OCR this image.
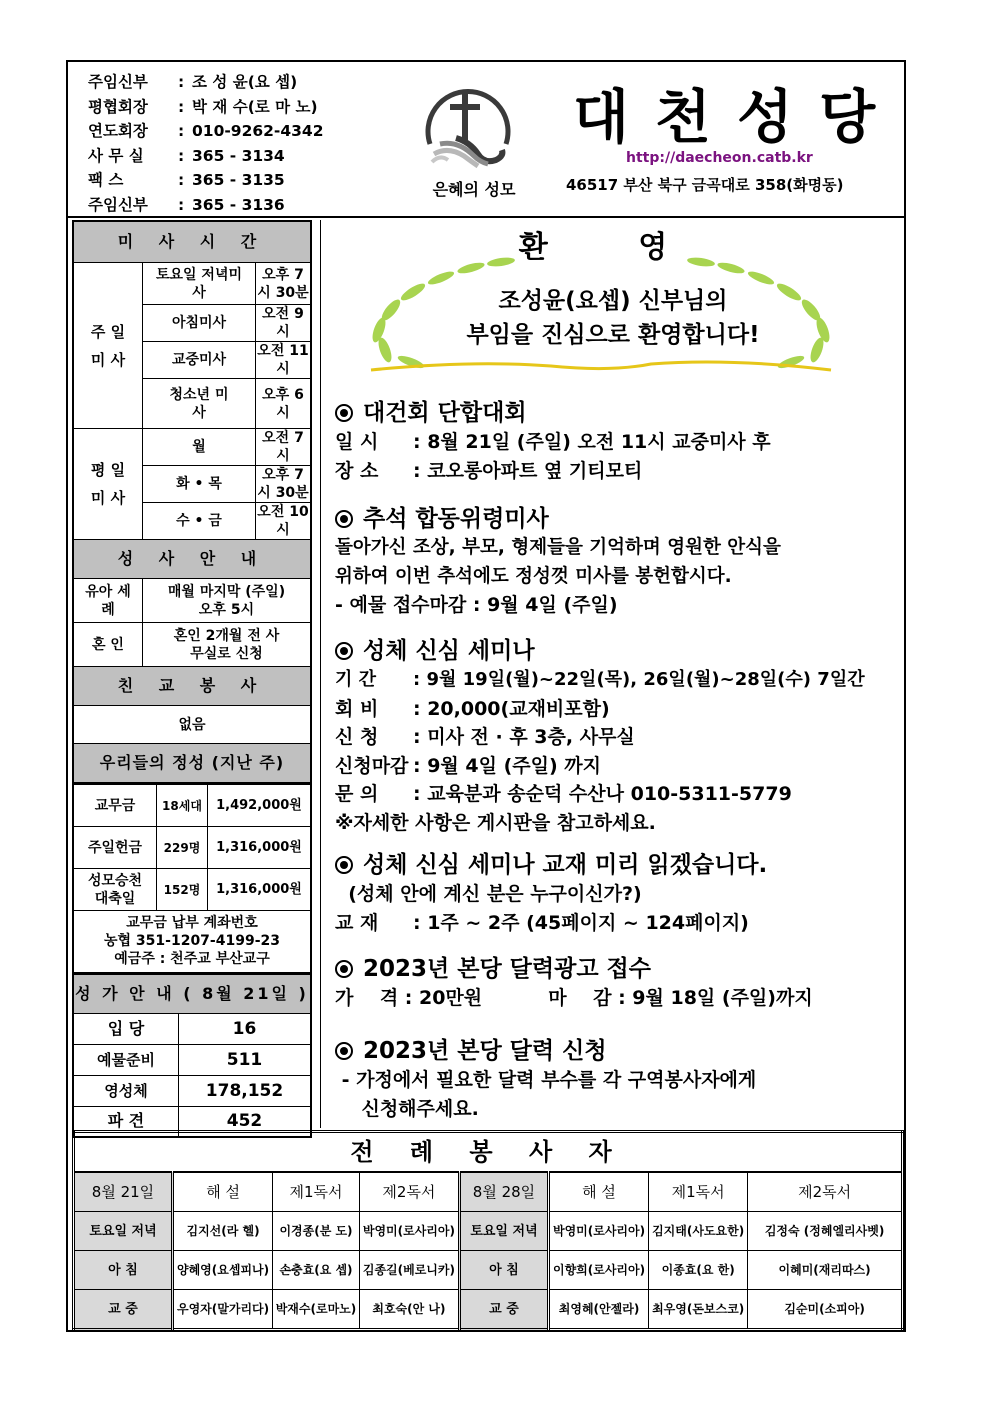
주임신부	: 조 성 윤(요 셉)
평협회장	: 박 재 수(로 마 노)
연도회장	: 010-9262-4342
사 무 실	: 365 - 3134
팩 스	: 365 - 3135
주임신부	: 365 - 3136
은혜의 성모
대천성당
http://daecheon.catb.kr
46517 부산 북구 금곡대로 358(화명동)
미 사 시 간		
주 일 미 사	토요일 저녁미사	오후 7시 30분
	아침미사	오전 9시
	교중미사	오전 11시
	청소년 미사	오후 6시
평 일 미 사	월	오전 7시
	화 • 목	오후 7시 30분
	수 • 금	오전 10시
성 사 안 내		
유아 세례	매월 마지막 (주일) 오후 5시	
혼 인	혼인 2개월 전 사무실로 신청	
친 교 봉 사		
없음		
우리들의 정성 (지난 주)		
교무금	18세대	1,492,000원
주일헌금	229명	1,316,000원
성모승천 대축일	152명	1,316,000원

교무금 납부 계좌번호
농협 351-1207-4199-23
예금주 : 천주교 부산교구		
성 가 안 내 ( 8월 21일 )	
입 당	16
예물준비	511
영성체	178,152
파 견	452
환 영
조성윤(요셉) 신부님의
부임을 진심으로 환영합니다!
대건회 단합대회

일 시 : 8월 21일 (주일) 오전 11시 교중미사 후

장 소 : 코오롱아파트 옆 기티모티

추석 합동위령미사

돌아가신 조상, 부모, 형제들을 기억하며 영원한 안식을

위하여 이번 추석에도 정성껏 미사를 봉헌합시다.

- 예물 접수마감 : 9월 4일 (주일)

성체 신심 세미나

기 간 : 9월 19일(월)~22일(목), 26일(월)~28일(수) 7일간

회 비 : 20,000(교재비포함)

신 청 : 미사 전 · 후 3층, 사무실

신청마감 : 9월 4일 (주일) 까지

문 의 : 교육분과 송순덕 수산나 010-5311-5779

※자세한 사항은 게시판을 참고하세요.

성체 신심 세미나 교재 미리 읽겠습니다.

(성체 안에 계신 분은 누구이신가?)

교 재 : 1주 ~ 2주 (45페이지 ~ 124페이지)

2023년 본당 달력광고 접수

가    격 : 20만원          마    감 : 9월 18일 (주일)까지

2023년 본당 달력 신청

- 가정에서 필요한 달력 부수를 각 구역봉사자에게

신청해주세요.

전 례 봉 사 자							
8월 21일	해 설	제1독서	제2독서	8월 28일	해 설	제1독서	제2독서
토요일 저녁	김지선(라 헬)	이경종(분 도)	박영미(로사리아)	토요일 저녁	박영미(로사리아)	김지태(사도요한)	김정숙 (정혜엘리사벳)
아 침	양혜영(요셉피나)	손충효(요 셉)	김종길(베로니카)	아 침	이향희(로사리아)	이종효(요 한)	이혜미(재리따스)
교 중	우영자(말가리다)	박재수(로마노)	최호숙(안 나)	교 중	최영혜(안젤라)	최우영(돈보스코)	김순미(소피아)
